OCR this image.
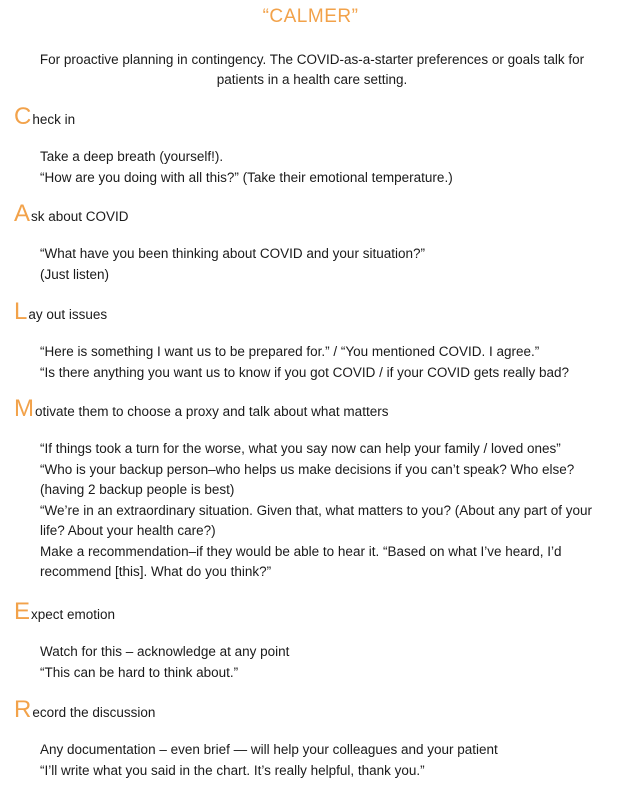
“CALMER”
For proactive planning in contingency. The COVID-as-a-starter preferences or goals talk for patients in a health care setting.
C heck in
Take a deep breath (yourself!).
“How are you doing with all this?” (Take their emotional temperature.)
A sk about COVID
“What have you been thinking about COVID and your situation?”
(Just listen)
L ay out issues
“Here is something I want us to be prepared for.” / “You mentioned COVID. I agree.”
“Is there anything you want us to know if you got COVID / if your COVID gets really bad?
M otivate them to choose a proxy and talk about what matters
“If things took a turn for the worse, what you say now can help your family / loved ones”
“Who is your backup person–who helps us make decisions if you can’t speak? Who else? (having 2 backup people is best)
“We’re in an extraordinary situation. Given that, what matters to you? (About any part of your life? About your health care?)
Make a recommendation–if they would be able to hear it. “Based on what I’ve heard, I’d recommend [this]. What do you think?”
E xpect emotion
Watch for this – acknowledge at any point
“This can be hard to think about.”
R ecord the discussion
Any documentation – even brief — will help your colleagues and your patient
“I’ll write what you said in the chart. It’s really helpful, thank you.”
